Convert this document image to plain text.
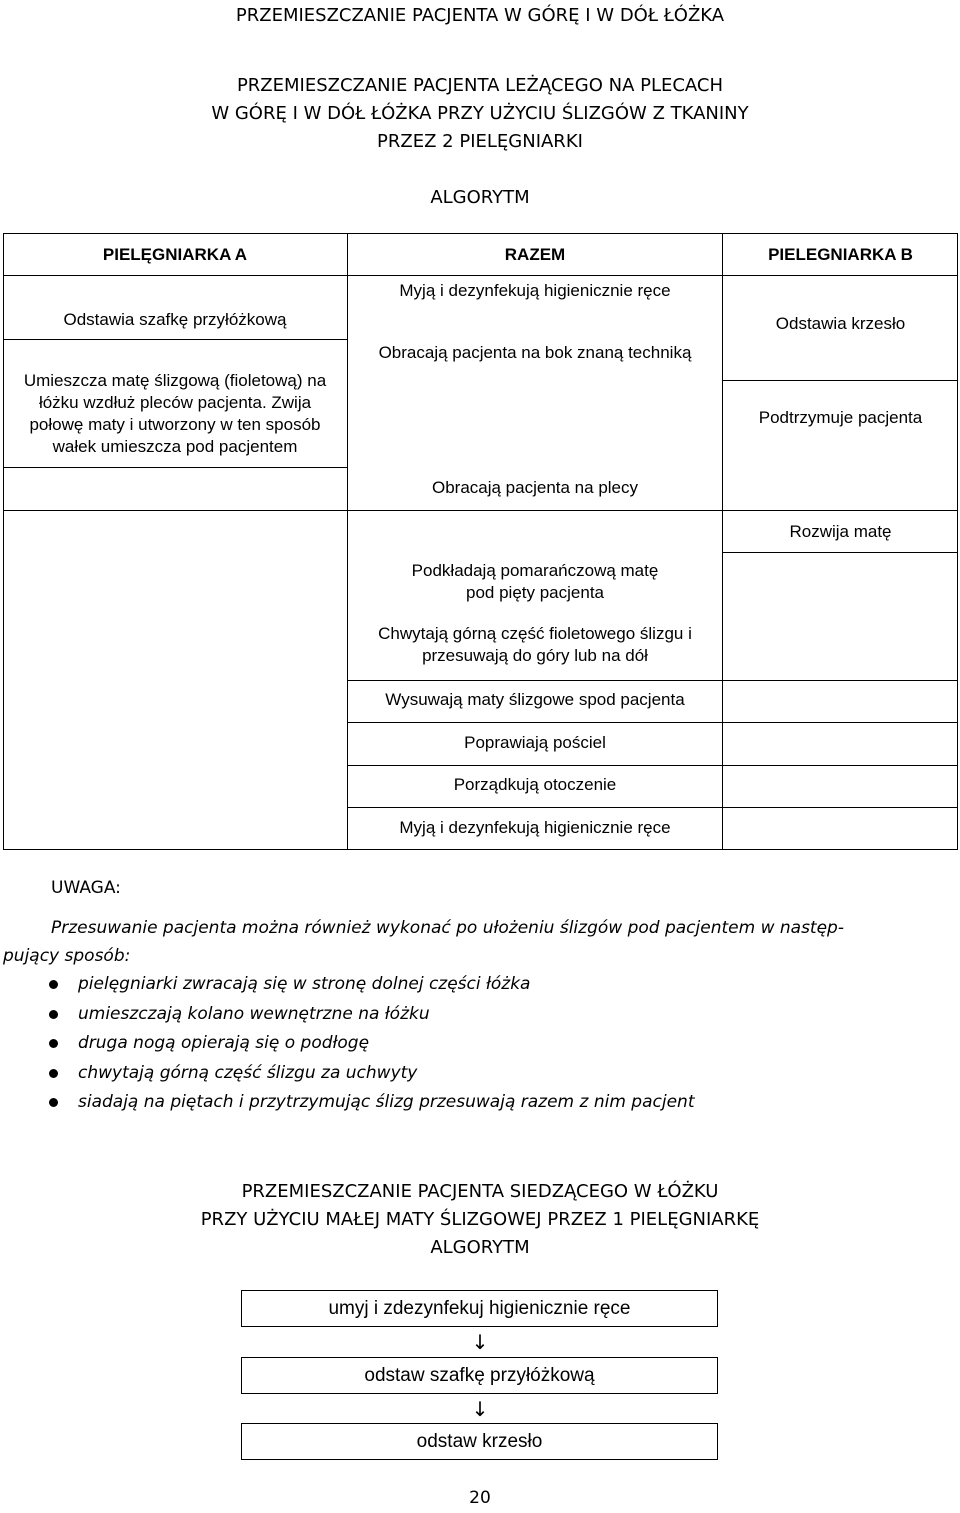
PRZEMIESZCZANIE PACJENTA W GÓRĘ I W DÓŁ ŁÓŻKA
PRZEMIESZCZANIE PACJENTA LEŻĄCEGO NA PLECACH
W GÓRĘ I W DÓŁ ŁÓŻKA PRZY UŻYCIU ŚLIZGÓW Z TKANINY
PRZEZ 2 PIELĘGNIARKI
ALGORYTM
PIELĘGNIARKA A	RAZEM	PIELEGNIARKA B
Odstawia szafkę przyłóżkową
Umieszcza matę ślizgową (fioletową) na łóżku wzdłuż pleców pacjenta. Zwija połowę maty i utworzony w ten sposób wałek umieszcza pod pacjentem
Myją i dezynfekują higienicznie ręce
Obracają pacjenta na bok znaną techniką
Obracają pacjenta na plecy
Podkładają pomarańczową matę pod pięty pacjenta
Chwytają górną część fioletowego ślizgu i przesuwają do góry lub na dół
Wysuwają maty ślizgowe spod pacjenta
Poprawiają pościel
Porządkują otoczenie
Myją i dezynfekują higienicznie ręce
Odstawia krzesło
Podtrzymuje pacjenta
Rozwija matę
UWAGA:
Przesuwanie pacjenta można również wykonać po ułożeniu ślizgów pod pacjentem w następ-
pujący sposób:
pielęgniarki zwracają się w stronę dolnej części łóżka
umieszczają kolano wewnętrzne na łóżku
druga nogą opierają się o podłogę
chwytają górną część ślizgu za uchwyty
siadają na piętach i przytrzymując ślizg przesuwają razem z nim pacjent
PRZEMIESZCZANIE PACJENTA SIEDZĄCEGO W ŁÓŻKU
PRZY UŻYCIU MAŁEJ MATY ŚLIZGOWEJ PRZEZ 1 PIELĘGNIARKĘ
ALGORYTM
umyj i zdezynfekuj higienicznie ręce
↓
odstaw szafkę przyłóżkową
↓
odstaw krzesło
20
